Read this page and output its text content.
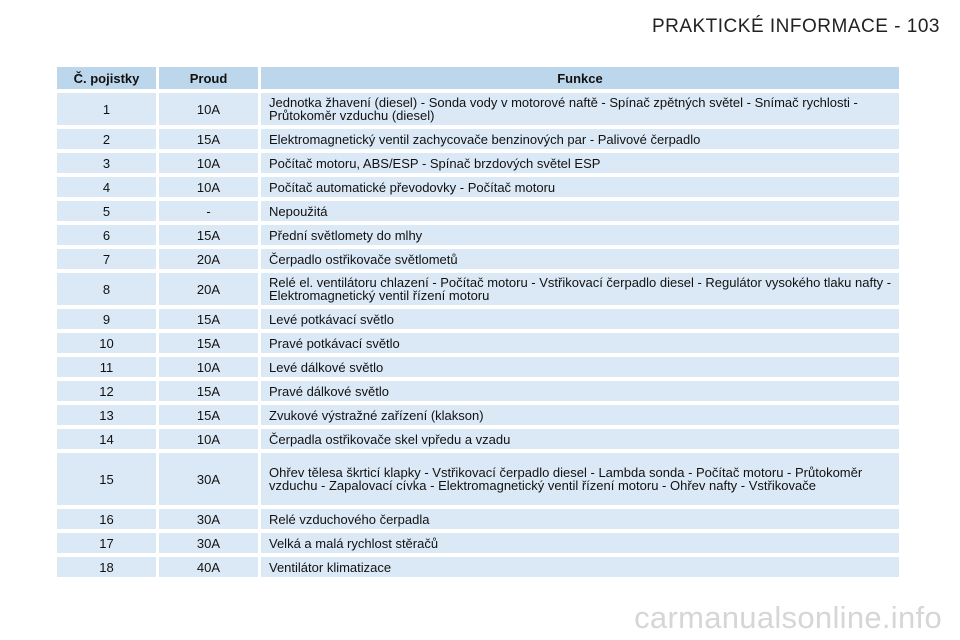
PRAKTICKÉ INFORMACE - 103
Č. pojistky	Proud	Funkce
1	10A	Jednotka žhavení (diesel) - Sonda vody v motorové naftě - Spínač zpětných světel - Snímač rychlosti - Průtokoměr vzduchu (diesel)
2	15A	Elektromagnetický ventil zachycovače benzinových par - Palivové čerpadlo
3	10A	Počítač motoru, ABS/ESP - Spínač brzdových světel ESP
4	10A	Počítač automatické převodovky - Počítač motoru
5	-	Nepoužitá
6	15A	Přední světlomety do mlhy
7	20A	Čerpadlo ostřikovače světlometů
8	20A	Relé el. ventilátoru chlazení - Počítač motoru - Vstřikovací čerpadlo diesel - Regulátor vysokého tlaku nafty - Elektromagnetický ventil řízení motoru
9	15A	Levé potkávací světlo
10	15A	Pravé potkávací světlo
11	10A	Levé dálkové světlo
12	15A	Pravé dálkové světlo
13	15A	Zvukové výstražné zařízení (klakson)
14	10A	Čerpadla ostřikovače skel vpředu a vzadu
15	30A	Ohřev tělesa škrticí klapky - Vstřikovací čerpadlo diesel - Lambda sonda - Počítač motoru - Průtokoměr vzduchu - Zapalovací cívka - Elektromagnetický ventil řízení motoru - Ohřev nafty - Vstřikovače
16	30A	Relé vzduchového čerpadla
17	30A	Velká a malá rychlost stěračů
18	40A	Ventilátor klimatizace
carmanualsonline.info
